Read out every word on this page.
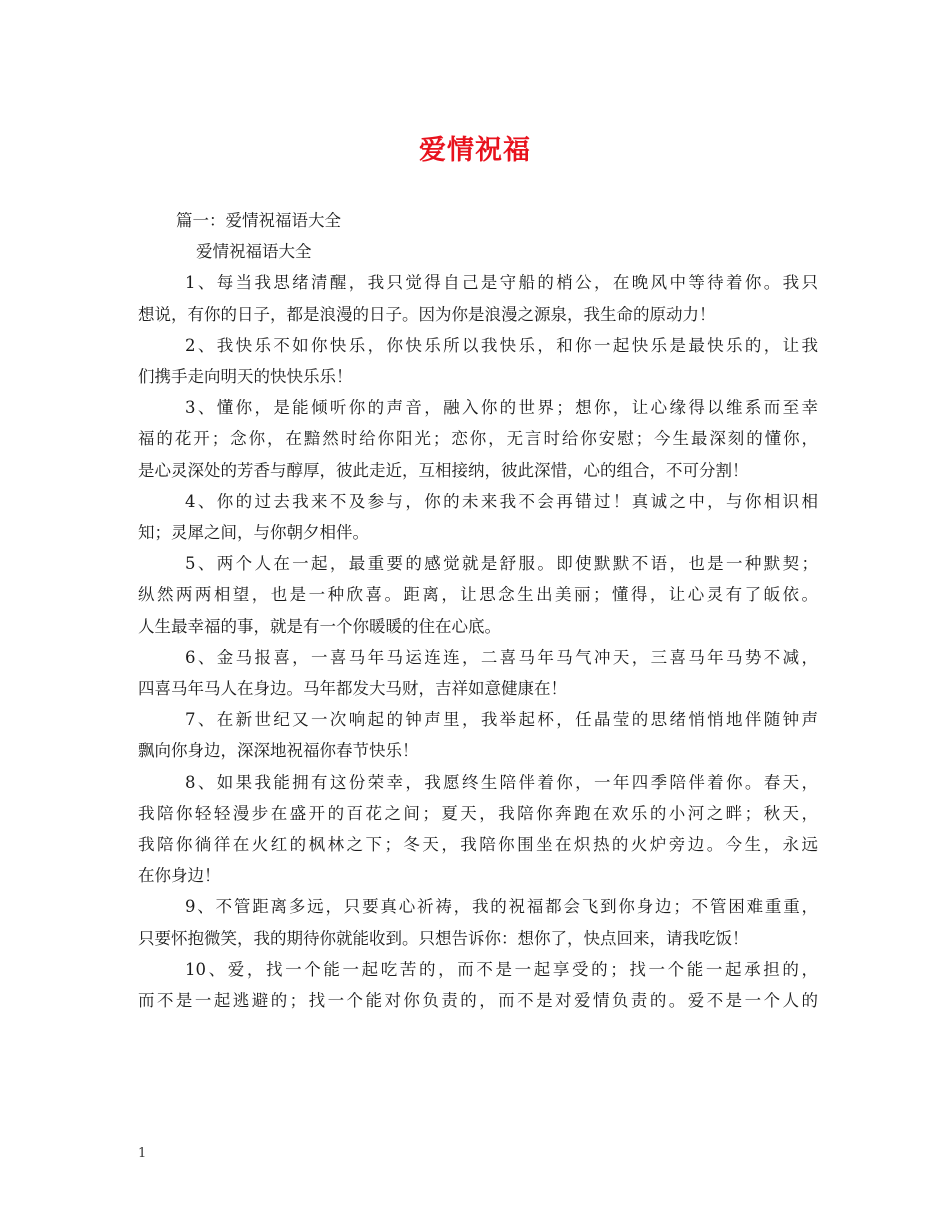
爱情祝福
篇一：爱情祝福语大全
爱情祝福语大全
1、每当我思绪清醒，我只觉得自己是守船的梢公，在晚风中等待着你。我只
想说，有你的日子，都是浪漫的日子。因为你是浪漫之源泉，我生命的原动力！
2、我快乐不如你快乐，你快乐所以我快乐，和你一起快乐是最快乐的，让我
们携手走向明天的快快乐乐！
3、懂你，是能倾听你的声音，融入你的世界；想你，让心缘得以维系而至幸
福的花开；念你，在黯然时给你阳光；恋你，无言时给你安慰；今生最深刻的懂你，
是心灵深处的芳香与醇厚，彼此走近，互相接纳，彼此深惜，心的组合，不可分割！
4、你的过去我来不及参与，你的未来我不会再错过！真诚之中，与你相识相
知；灵犀之间，与你朝夕相伴。
5、两个人在一起，最重要的感觉就是舒服。即使默默不语，也是一种默契；
纵然两两相望，也是一种欣喜。距离，让思念生出美丽；懂得，让心灵有了皈依。
人生最幸福的事，就是有一个你暖暖的住在心底。
6、金马报喜，一喜马年马运连连，二喜马年马气冲天，三喜马年马势不减，
四喜马年马人在身边。马年都发大马财，吉祥如意健康在！
7、在新世纪又一次响起的钟声里，我举起杯，任晶莹的思绪悄悄地伴随钟声
飘向你身边，深深地祝福你春节快乐！
8、如果我能拥有这份荣幸，我愿终生陪伴着你，一年四季陪伴着你。春天，
我陪你轻轻漫步在盛开的百花之间；夏天，我陪你奔跑在欢乐的小河之畔；秋天，
我陪你徜徉在火红的枫林之下；冬天，我陪你围坐在炽热的火炉旁边。今生，永远
在你身边！
9、不管距离多远，只要真心祈祷，我的祝福都会飞到你身边；不管困难重重，
只要怀抱微笑，我的期待你就能收到。只想告诉你：想你了，快点回来，请我吃饭！
10、爱，找一个能一起吃苦的，而不是一起享受的；找一个能一起承担的，
而不是一起逃避的；找一个能对你负责的，而不是对爱情负责的。爱不是一个人的
1
